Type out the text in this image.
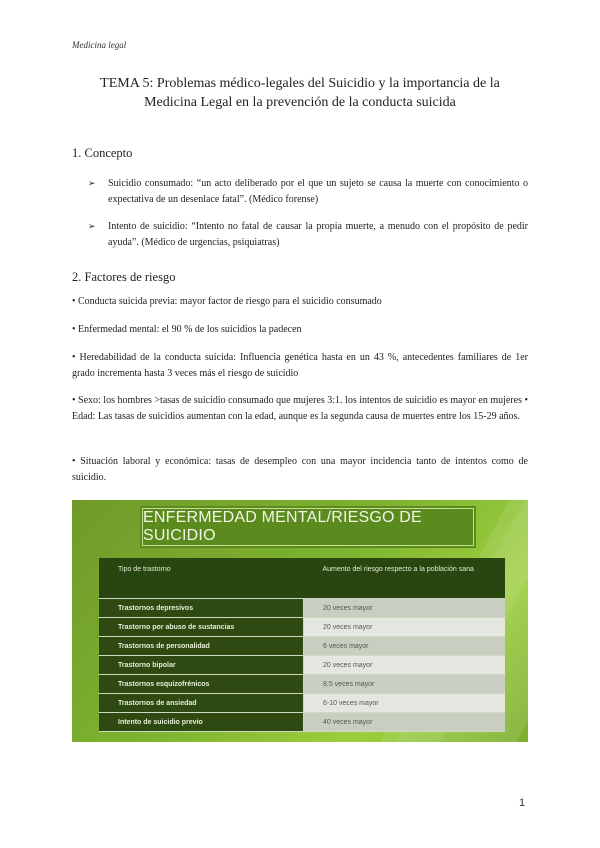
Medicina legal
TEMA 5: Problemas médico-legales del Suicidio y la importancia de la
Medicina Legal en la prevención de la conducta suicida
1. Concepto
➢ Suicidio consumado: “un acto deliberado por el que un sujeto se causa la muerte con conocimiento o expectativa de un desenlace fatal”. (Médico forense)
➢ Intento de suicidio: “Intento no fatal de causar la propia muerte, a menudo con el propósito de pedir ayuda”. (Médico de urgencias, psiquiatras)
2. Factores de riesgo
• Conducta suicida previa: mayor factor de riesgo para el suicidio consumado
• Enfermedad mental: el 90 % de los suicidios la padecen
• Heredabilidad de la conducta suicida: Influencia genética hasta en un 43 %, antecedentes familiares de 1er grado incrementa hasta 3 veces más el riesgo de suicidio
• Sexo: los hombres >tasas de suicidio consumado que mujeres 3:1. los intentos de suicidio es mayor en mujeres • Edad: Las tasas de suicidios aumentan con la edad, aunque es la segunda causa de muertes entre los 15-29 años.
• Situación laboral y económica: tasas de desempleo con una mayor incidencia tanto de intentos como de suicidio.
ENFERMEDAD MENTAL/RIESGO DE SUICIDIO
Tipo de trastorno	Aumento del riesgo respecto a la población sana
Trastornos depresivos	20 veces mayor
Trastorno por abuso de sustancias	20 veces mayor
Trastornos de personalidad	6 veces mayor
Trastorno bipolar	20 veces mayor
Trastornos esquizofrénicos	8.5 veces mayor
Trastornos de ansiedad	6-10 veces mayor
Intento de suicidio previo	40 veces mayor
1
